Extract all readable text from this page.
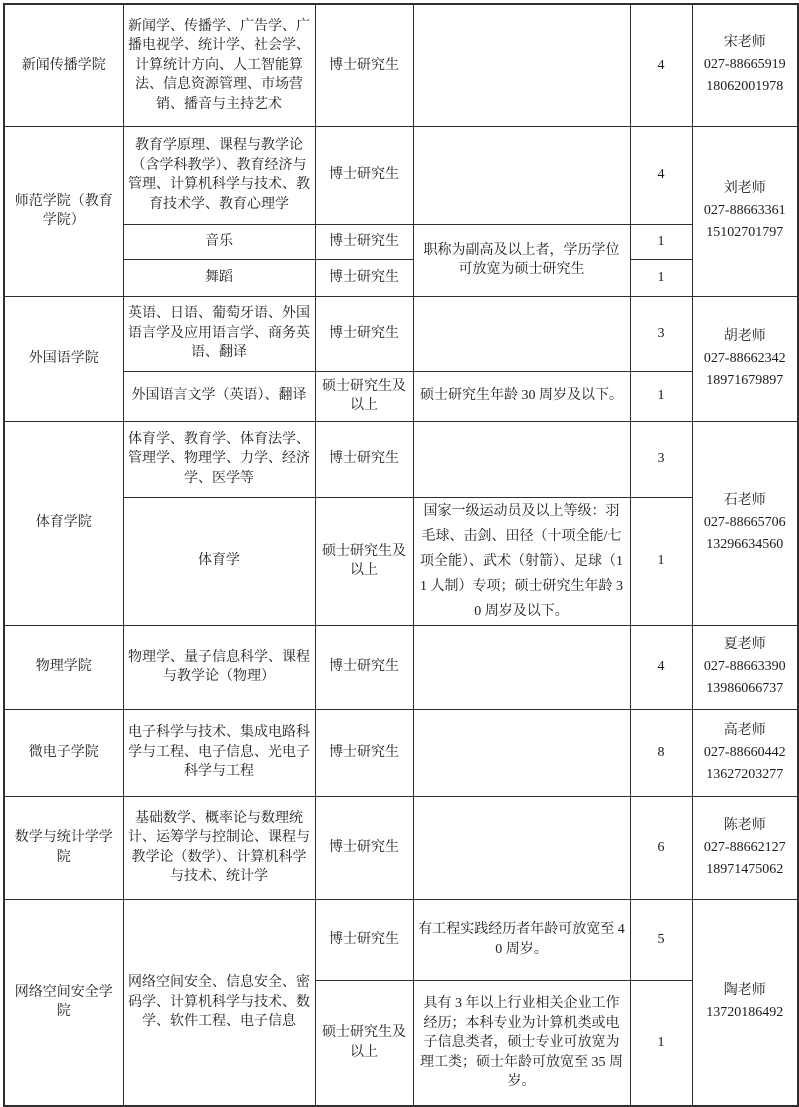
新闻传播学院	新闻学、传播学、广告学、广播电视学、统计学、社会学、计算统计方向、人工智能算法、信息资源管理、市场营销、播音与主持艺术	博士研究生		4	宋老师
027-88665919
18062001978

师范学院（教育学院）	教育学原理、课程与教学论（含学科教学）、教育经济与管理、计算机科学与技术、教育技术学、教育心理学	博士研究生		4	刘老师
027-88663361
15102701797

	音乐	博士研究生	职称为副高及以上者，学历学位可放宽为硕士研究生	1	
	舞蹈	博士研究生		1	
外国语学院	英语、日语、葡萄牙语、外国语言学及应用语言学、商务英语、翻译	博士研究生		3	胡老师
027-88662342
18971679897

	外国语言文学（英语）、翻译	硕士研究生及以上	硕士研究生年龄 30 周岁及以下。	1	
体育学院	体育学、教育学、体育法学、管理学、物理学、力学、经济学、医学等	博士研究生		3	石老师
027-88665706
13296634560

	体育学	硕士研究生及以上	国家一级运动员及以上等级：羽毛球、击剑、田径（十项全能/七项全能）、武术（射箭）、足球（11 人制）专项；硕士研究生年龄 30 周岁及以下。	1	
物理学院	物理学、量子信息科学、课程与教学论（物理）	博士研究生		4	夏老师
027-88663390
13986066737

微电子学院	电子科学与技术、集成电路科学与工程、电子信息、光电子科学与工程	博士研究生		8	高老师
027-88660442
13627203277

数学与统计学学院	基础数学、概率论与数理统计、运筹学与控制论、课程与教学论（数学）、计算机科学与技术、统计学	博士研究生		6	陈老师
027-88662127
18971475062

网络空间安全学院	网络空间安全、信息安全、密码学、计算机科学与技术、数学、软件工程、电子信息	博士研究生	有工程实践经历者年龄可放宽至 40 周岁。	5	陶老师
13720186492

		硕士研究生及以上	具有 3 年以上行业相关企业工作经历；本科专业为计算机类或电子信息类者，硕士专业可放宽为理工类；硕士年龄可放宽至 35 周岁。	1	
